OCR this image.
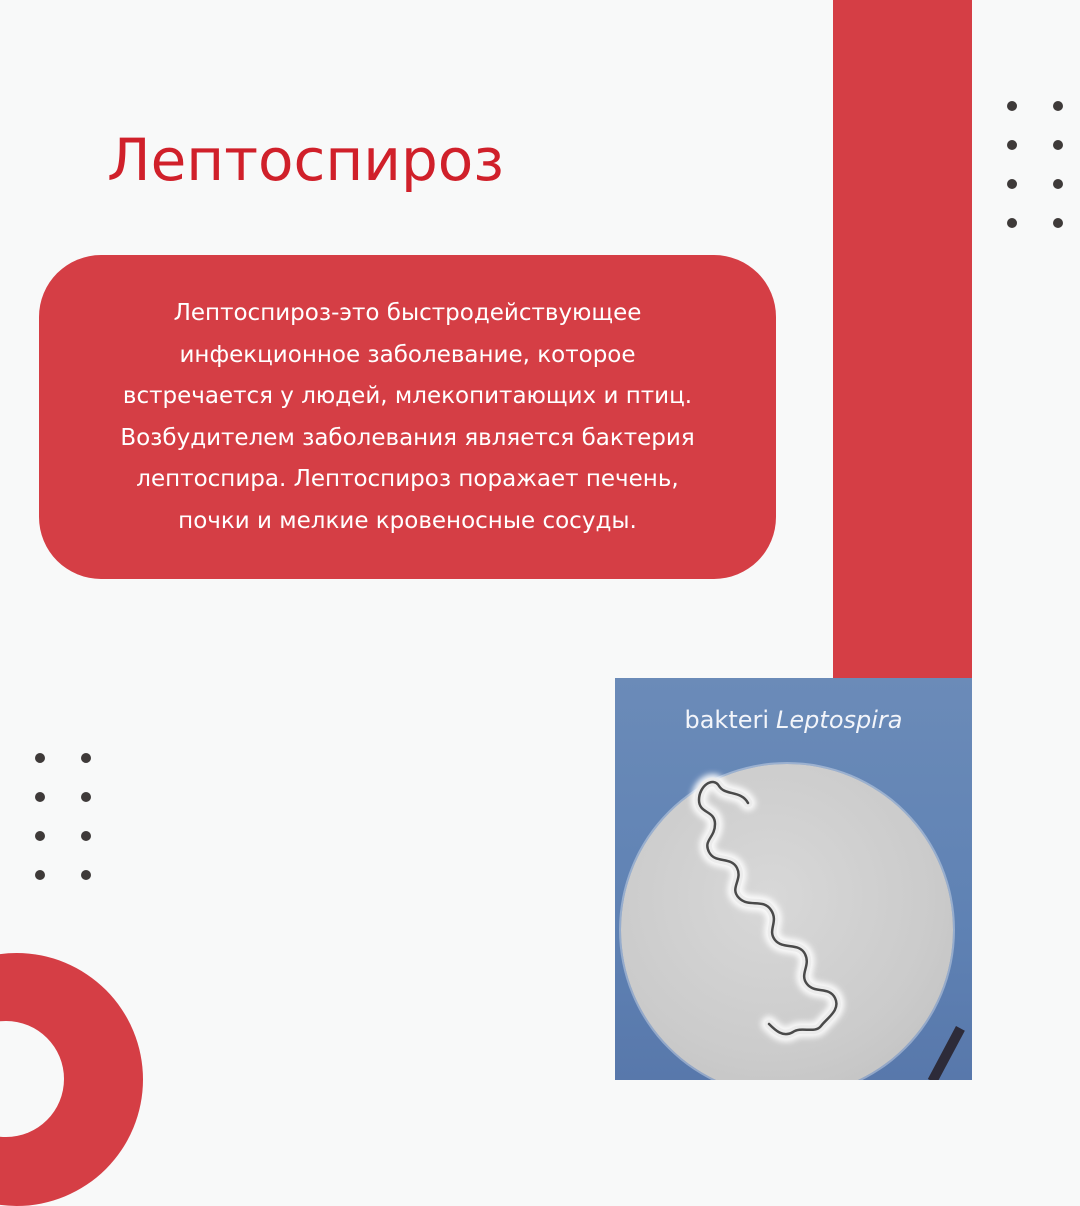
Лептоспироз

Лептоспироз-это быстродействующее
инфекционное заболевание, которое
встречается у людей, млекопитающих и птиц.
Возбудителем заболевания является бактерия
лептоспира. Лептоспироз поражает печень,
почки и мелкие кровеносные сосуды.

bakteri Leptospira
